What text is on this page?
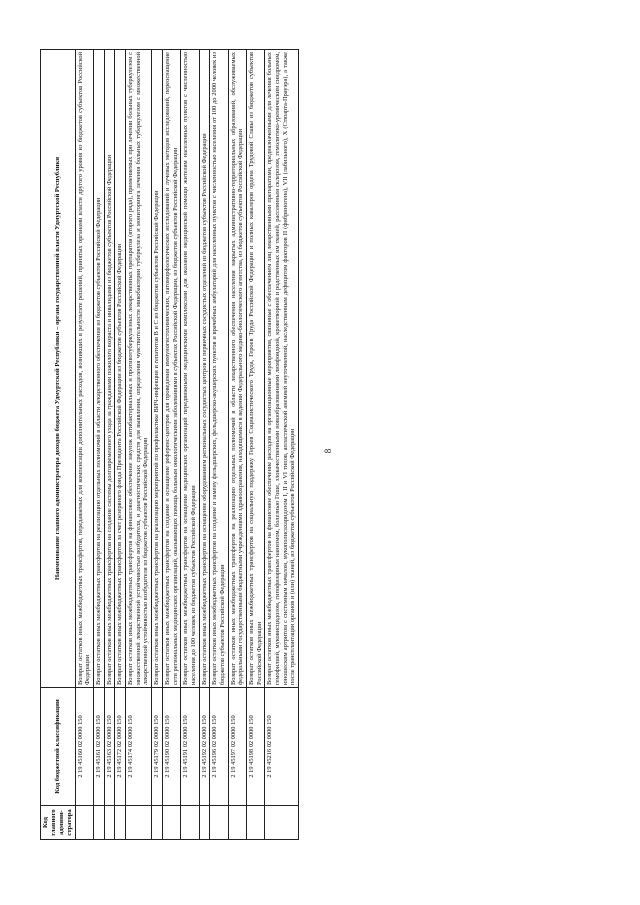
8
Код главного админи-стратора	Код бюджетной классификации	Наименование главного администратора доходов бюджета Удмуртской Республики – органа государственной власти Удмуртской Республики
	2 19 45160 02 0000 150	Возврат остатков иных межбюджетных трансфертов, передаваемых для компенсации дополнительных расходов, возникших в результате решений, принятых органами власти другого уровня из бюджетов субъектов Российской Федерации
	2 19 45161 02 0000 150	Возврат остатков иных межбюджетных трансфертов на реализацию отдельных полномочий в области лекарственного обеспечения из бюджетов субъектов Российской Федерации
	2 19 45163 02 0000 150	Возврат остатков иных межбюджетных трансфертов на создание системы долговременного ухода за гражданами пожилого возраста и инвалидами из бюджетов субъектов Российской Федерации
	2 19 45172 02 0000 150	Возврат остатков иных межбюджетных трансфертов за счет резервного фонда Президента Российской Федерации из бюджетов субъектов Российской Федерации
	2 19 45174 02 0000 150	Возврат остатков иных межбюджетных трансфертов на финансовое обеспечение закупок антибактериальных и противотуберкулезных лекарственных препаратов (второго ряда), применяемых при лечении больных туберкулезом с множественной лекарственной устойчивостью возбудителя, и диагностических средств для выявления, определения чувствительности микобактерии туберкулеза и мониторинга лечения больных туберкулезом с множественной лекарственной устойчивостью возбудителя из бюджетов субъектов Российской Федерации
	2 19 45179 02 0000 150	Возврат остатков иных межбюджетных трансфертов на реализацию мероприятий по профилактике ВИЧ-инфекции и гепатитов В и С из бюджетов субъектов Российской Федерации
	2 19 45190 02 0000 150	Возврат остатков иных межбюджетных трансфертов на создание и оснащение референс-центров для проведения иммуногистохимических, патоморфологических исследований и лучевых методов исследований, переоснащение сети региональных медицинских организаций, оказывающих помощь больным онкологическими заболеваниями в субъектах Российской Федерации, из бюджетов субъектов Российской Федерации
	2 19 45191 02 0000 150	Возврат остатков иных межбюджетных трансфертов на оснащение медицинских организаций передвижными медицинскими комплексами для оказания медицинской помощи жителям населенных пунктов с численностью населения до 100 человек из бюджетов субъектов Российской Федерации
	2 19 45192 02 0000 150	Возврат остатков иных межбюджетных трансфертов на оснащение оборудованием региональных сосудистых центров и первичных сосудистых отделений из бюджетов субъектов Российской Федерации
	2 19 45196 02 0000 150	Возврат остатков иных межбюджетных трансфертов на создание и замену фельдшерских, фельдшерско-акушерских пунктов и врачебных амбулаторий для населенных пунктов с численностью населения от 100 до 2000 человек из бюджетов субъектов Российской Федерации
	2 19 45197 02 0000 150	Возврат остатков иных межбюджетных трансфертов на реализацию отдельных полномочий в области лекарственного обеспечения населения закрытых административно-территориальных образований, обслуживаемых федеральными государственными бюджетными учреждениями здравоохранения, находящимися в ведении Федерального медико-биологического агентства, из бюджетов субъектов Российской Федерации
	2 19 45198 02 0000 150	Возврат остатков иных межбюджетных трансфертов на социальную поддержку Героев Социалистического Труда, Героев Труда Российской Федерации и полных кавалеров ордена Трудовой Славы из бюджетов субъектов Российской Федерации
	2 19 45216 02 0000 150	Возврат остатков иных межбюджетных трансфертов на финансовое обеспечение расходов на организационные мероприятия, связанные с обеспечением лиц лекарственными препаратами, предназначенными для лечения больных гемофилией, муковисцидозом, гипофизарным нанизмом, болезнью Гоше, злокачественными новообразованиями лимфоидной, кроветворной и родственных им тканей, рассеянным склерозом, гемолитико-уремическим синдромом, юношеским артритом с системным началом, мукополисахаридозом I, II и VI типов, апластической анемией неуточненной, наследственным дефицитом факторов II (фибриногена), VII (лабильного), X (Стюарта-Прауэра), а также после трансплантации органов и (или) тканей, из бюджетов субъектов Российской Федерации
